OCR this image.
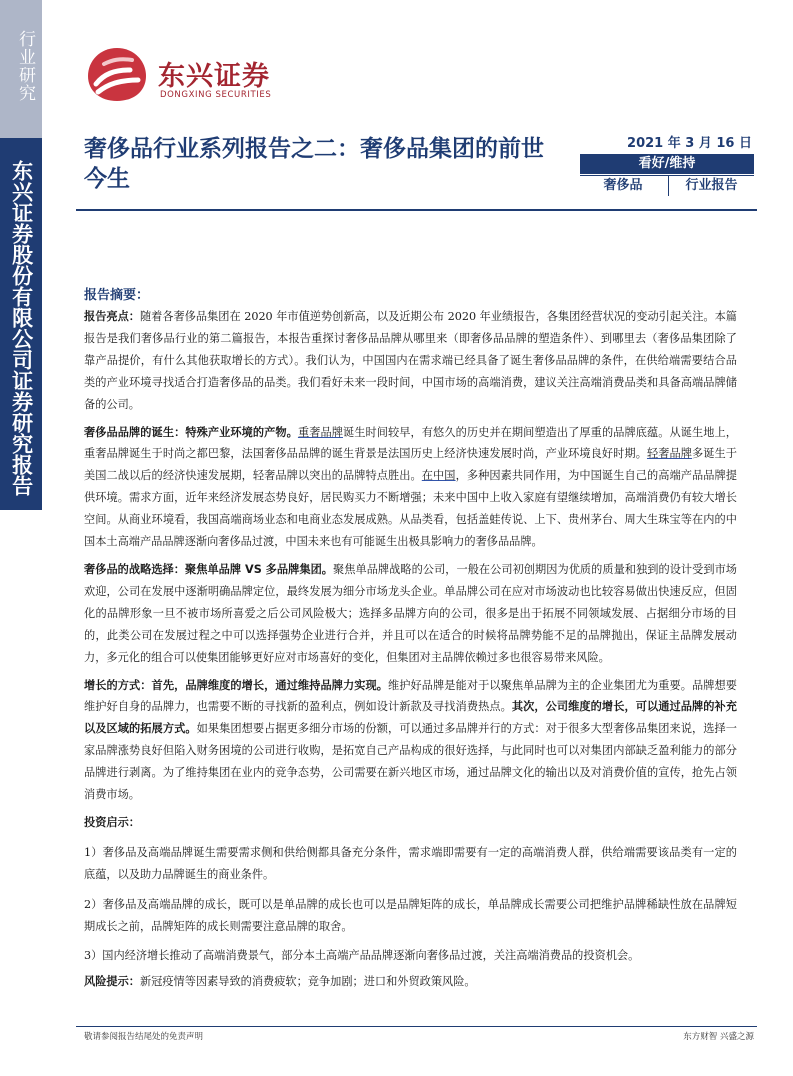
行业研究
东兴证券股份有限公司证券研究报告
东兴证券
DONGXING SECURITIES
奢侈品行业系列报告之二：奢侈品集团的前世今生
2021 年 3 月 16 日
看好/维持
奢侈品	行业报告
报告摘要：

报告亮点：随着各奢侈品集团在 2020 年市值逆势创新高，以及近期公布 2020 年业绩报告，各集团经营状况的变动引起关注。本篇报告是我们奢侈品行业的第二篇报告，本报告重探讨奢侈品品牌从哪里来（即奢侈品品牌的塑造条件）、到哪里去（奢侈品集团除了靠产品提价，有什么其他获取增长的方式）。我们认为，中国国内在需求端已经具备了诞生奢侈品品牌的条件，在供给端需要结合品类的产业环境寻找适合打造奢侈品的品类。我们看好未来一段时间，中国市场的高端消费，建议关注高端消费品类和具备高端品牌储备的公司。

奢侈品品牌的诞生：特殊产业环境的产物。重奢品牌诞生时间较早，有悠久的历史并在期间塑造出了厚重的品牌底蕴。从诞生地上，重奢品牌诞生于时尚之都巴黎，法国奢侈品品牌的诞生背景是法国历史上经济快速发展时尚，产业环境良好时期。轻奢品牌多诞生于美国二战以后的经济快速发展期，轻奢品牌以突出的品牌特点胜出。在中国，多种因素共同作用，为中国诞生自己的高端产品品牌提供环境。需求方面，近年来经济发展态势良好，居民购买力不断增强；未来中国中上收入家庭有望继续增加，高端消费仍有较大增长空间。从商业环境看，我国高端商场业态和电商业态发展成熟。从品类看，包括盖蛙传说、上下、贵州茅台、周大生珠宝等在内的中国本土高端产品品牌逐渐向奢侈品过渡，中国未来也有可能诞生出极具影响力的奢侈品品牌。

奢侈品的战略选择：聚焦单品牌 VS 多品牌集团。聚焦单品牌战略的公司，一般在公司初创期因为优质的质量和独到的设计受到市场欢迎，公司在发展中逐渐明确品牌定位，最终发展为细分市场龙头企业。单品牌公司在应对市场波动也比较容易做出快速反应，但固化的品牌形象一旦不被市场所喜爱之后公司风险极大；选择多品牌方向的公司，很多是出于拓展不同领域发展、占据细分市场的目的，此类公司在发展过程之中可以选择强势企业进行合并，并且可以在适合的时候将品牌势能不足的品牌抛出，保证主品牌发展动力，多元化的组合可以使集团能够更好应对市场喜好的变化，但集团对主品牌依赖过多也很容易带来风险。

增长的方式：首先，品牌维度的增长，通过维持品牌力实现。维护好品牌是能对于以聚焦单品牌为主的企业集团尤为重要。品牌想要维护好自身的品牌力，也需要不断的寻找新的盈利点，例如设计新款及寻找消费热点。其次，公司维度的增长，可以通过品牌的补充以及区域的拓展方式。如果集团想要占据更多细分市场的份额，可以通过多品牌并行的方式：对于很多大型奢侈品集团来说，选择一家品牌涨势良好但陷入财务困境的公司进行收购，是拓宽自己产品构成的很好选择，与此同时也可以对集团内部缺乏盈利能力的部分品牌进行剥离。为了维持集团在业内的竞争态势，公司需要在新兴地区市场，通过品牌文化的输出以及对消费价值的宣传，抢先占领消费市场。

投资启示：

1）奢侈品及高端品牌诞生需要需求侧和供给侧都具备充分条件，需求端即需要有一定的高端消费人群，供给端需要该品类有一定的底蕴，以及助力品牌诞生的商业条件。

2）奢侈品及高端品牌的成长，既可以是单品牌的成长也可以是品牌矩阵的成长，单品牌成长需要公司把维护品牌稀缺性放在品牌短期成长之前，品牌矩阵的成长则需要注意品牌的取舍。

3）国内经济增长推动了高端消费景气，部分本土高端产品品牌逐渐向奢侈品过渡，关注高端消费品的投资机会。

风险提示：新冠疫情等因素导致的消费疲软；竞争加剧；进口和外贸政策风险。

敬请参阅报告结尾处的免责声明	东方财智 兴盛之源
